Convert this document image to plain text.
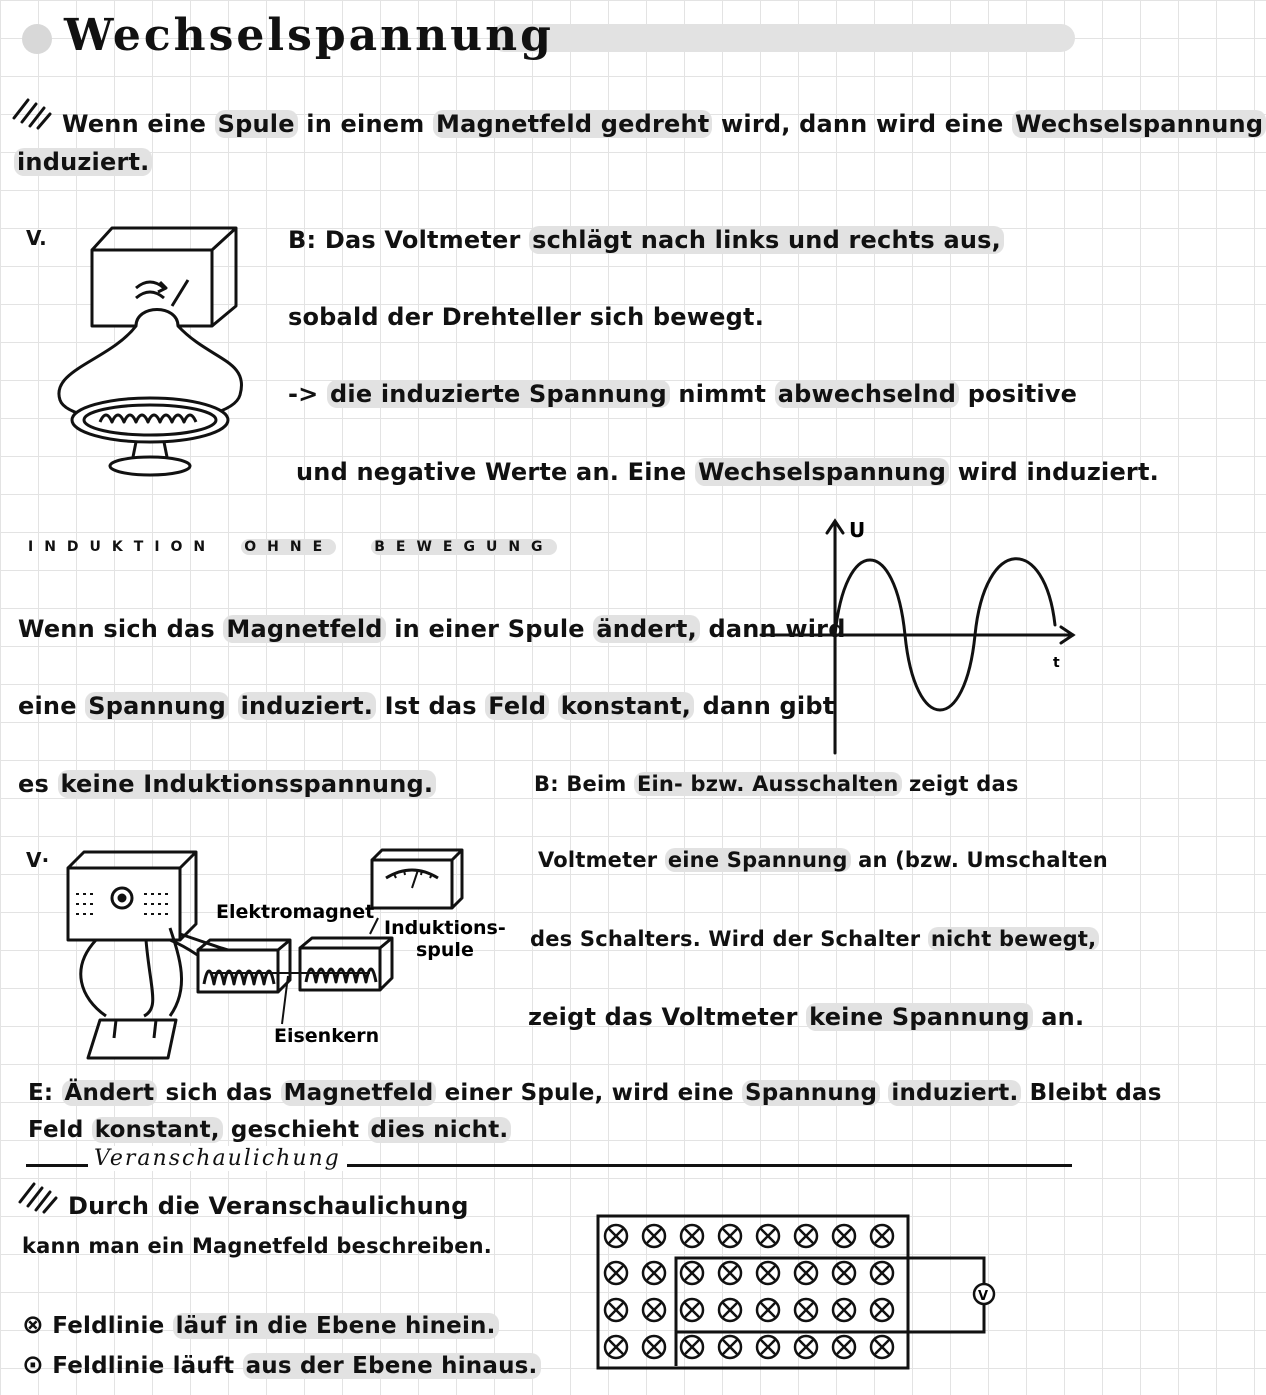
Wechselspannung
Wenn eine Spule in einem Magnetfeld gedreht wird, dann wird eine Wechselspannung
induziert.
V.	B: Das Voltmeter schlägt nach links und rechts aus,
sobald der Drehteller sich bewegt.
-> die induzierte Spannung nimmt abwechselnd positive
und negative Werte an. Eine Wechselspannung wird induziert.
INDUKTION OHNE	BEWEGUNG
U
t
Wenn sich das Magnetfeld in einer Spule ändert, dann wird
eine Spannung induziert. Ist das Feld konstant, dann gibt
es keine Induktionsspannung.
V·
Elektromagnet
Induktions-
spule
Eisenkern
B: Beim Ein- bzw. Ausschalten zeigt das
Voltmeter eine Spannung an (bzw. Umschalten
des Schalters. Wird der Schalter nicht bewegt,
zeigt das Voltmeter keine Spannung an.
E: Ändert sich das Magnetfeld einer Spule, wird eine Spannung induziert. Bleibt das
Feld konstant, geschieht dies nicht.
Veranschaulichung
Durch die Veranschaulichung
kann man ein Magnetfeld beschreiben.
⊗ Feldlinie läuf in die Ebene hinein.
⊙ Feldlinie läuft aus der Ebene hinaus.
V
